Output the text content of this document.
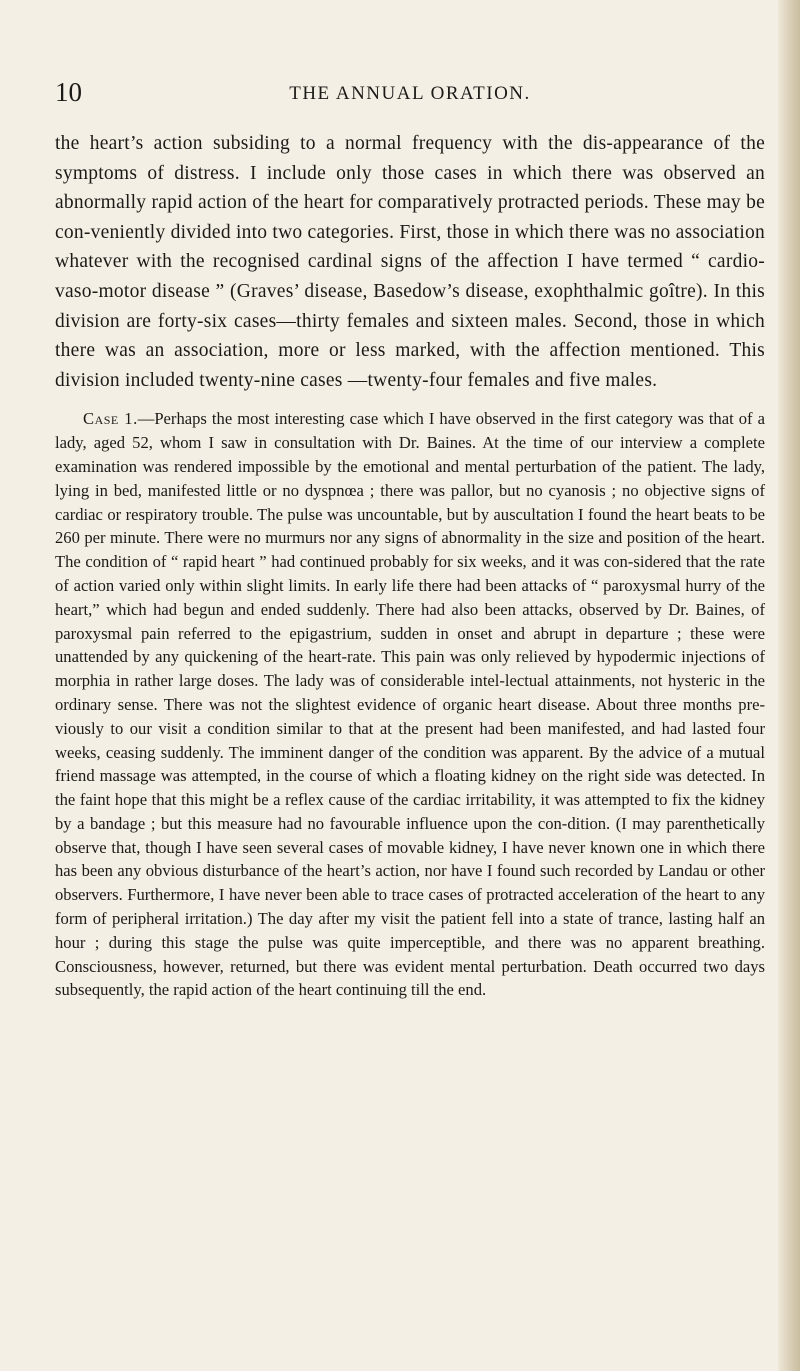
10	THE ANNUAL ORATION.

the heart’s action subsiding to a normal frequency with the dis-appearance of the symptoms of distress. I include only those cases in which there was observed an abnormally rapid action of the heart for comparatively protracted periods. These may be con-veniently divided into two categories. First, those in which there was no association whatever with the recognised cardinal signs of the affection I have termed “ cardio-vaso-motor disease ” (Graves’ disease, Basedow’s disease, exophthalmic goître). In this division are forty-six cases—thirty females and sixteen males. Second, those in which there was an association, more or less marked, with the affection mentioned. This division included twenty-nine cases —twenty-four females and five males.

Case 1.—Perhaps the most interesting case which I have observed in the first category was that of a lady, aged 52, whom I saw in consultation with Dr. Baines. At the time of our interview a complete examination was rendered impossible by the emotional and mental perturbation of the patient. The lady, lying in bed, manifested little or no dyspnœa ; there was pallor, but no cyanosis ; no objective signs of cardiac or respiratory trouble. The pulse was uncountable, but by auscultation I found the heart beats to be 260 per minute. There were no murmurs nor any signs of abnormality in the size and position of the heart. The condition of “ rapid heart ” had continued probably for six weeks, and it was con-sidered that the rate of action varied only within slight limits. In early life there had been attacks of “ paroxysmal hurry of the heart,” which had begun and ended suddenly. There had also been attacks, observed by Dr. Baines, of paroxysmal pain referred to the epigastrium, sudden in onset and abrupt in departure ; these were unattended by any quickening of the heart-rate. This pain was only relieved by hypodermic injections of morphia in rather large doses. The lady was of considerable intel-lectual attainments, not hysteric in the ordinary sense. There was not the slightest evidence of organic heart disease. About three months pre-viously to our visit a condition similar to that at the present had been manifested, and had lasted four weeks, ceasing suddenly. The imminent danger of the condition was apparent. By the advice of a mutual friend massage was attempted, in the course of which a floating kidney on the right side was detected. In the faint hope that this might be a reflex cause of the cardiac irritability, it was attempted to fix the kidney by a bandage ; but this measure had no favourable influence upon the con-dition. (I may parenthetically observe that, though I have seen several cases of movable kidney, I have never known one in which there has been any obvious disturbance of the heart’s action, nor have I found such recorded by Landau or other observers. Furthermore, I have never been able to trace cases of protracted acceleration of the heart to any form of peripheral irritation.) The day after my visit the patient fell into a state of trance, lasting half an hour ; during this stage the pulse was quite imperceptible, and there was no apparent breathing. Consciousness, however, returned, but there was evident mental perturbation. Death occurred two days subsequently, the rapid action of the heart continuing till the end.
